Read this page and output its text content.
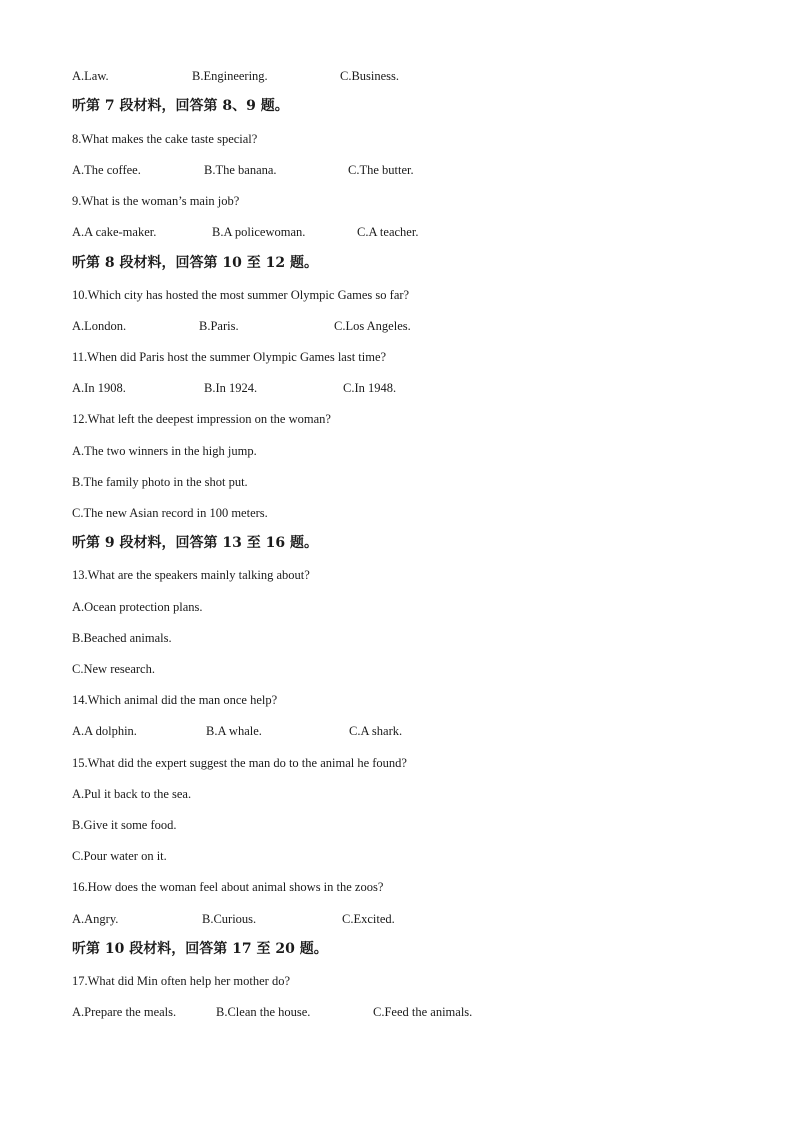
A.Law.	B.Engineering.	C.Business.
听第 7 段材料，回答第 8、9 题。
8.What makes the cake taste special?
A.The coffee.	B.The banana.	C.The butter.
9.What is the woman’s main job?
A.A cake-maker.	B.A policewoman.	C.A teacher.
听第 8 段材料，回答第 10 至 12 题。
10.Which city has hosted the most summer Olympic Games so far?
A.London.	B.Paris.	C.Los Angeles.
11.When did Paris host the summer Olympic Games last time?
A.In 1908.	B.In 1924.	C.In 1948.
12.What left the deepest impression on the woman?
A.The two winners in the high jump.
B.The family photo in the shot put.
C.The new Asian record in 100 meters.
听第 9 段材料，回答第 13 至 16 题。
13.What are the speakers mainly talking about?
A.Ocean protection plans.
B.Beached animals.
C.New research.
14.Which animal did the man once help?
A.A dolphin.	B.A whale.	C.A shark.
15.What did the expert suggest the man do to the animal he found?
A.Pul it back to the sea.
B.Give it some food.
C.Pour water on it.
16.How does the woman feel about animal shows in the zoos?
A.Angry.	B.Curious.	C.Excited.
听第 10 段材料，回答第 17 至 20 题。
17.What did Min often help her mother do?
A.Prepare the meals.	B.Clean the house.	C.Feed the animals.
